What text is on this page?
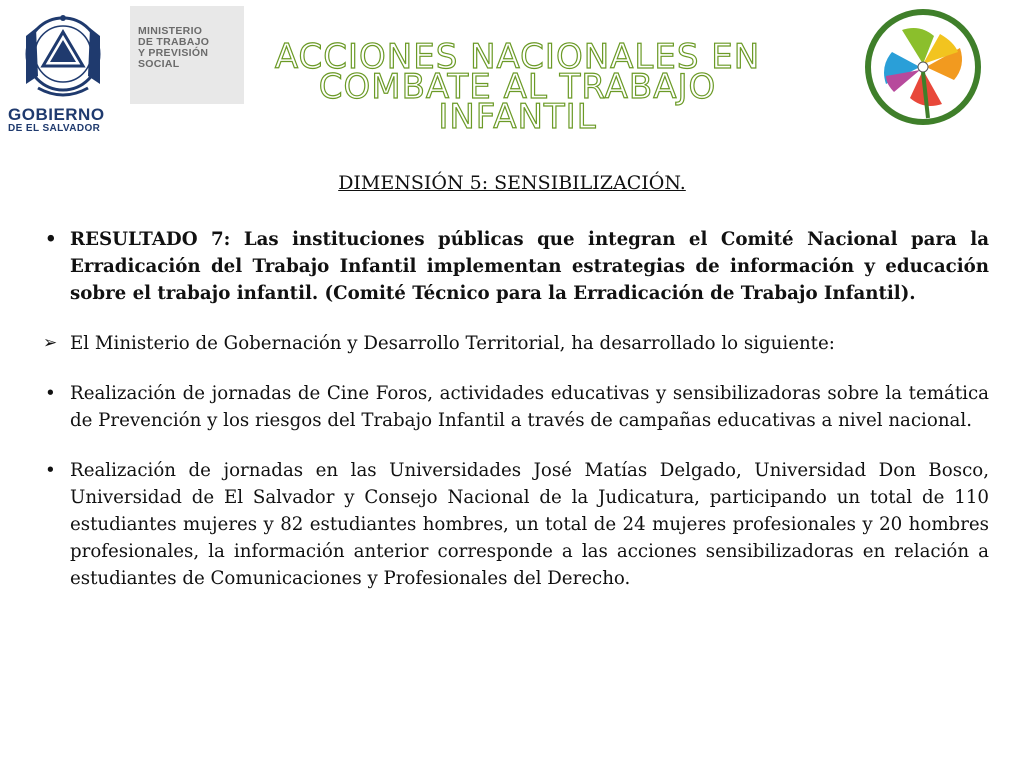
MINISTERIO
DE TRABAJO
Y PREVISIÓN
SOCIAL
GOBIERNO
DE EL SALVADOR
ACCIONES NACIONALES EN COMBATE AL TRABAJO INFANTIL
DIMENSIÓN 5: SENSIBILIZACIÓN.
• RESULTADO 7: Las instituciones públicas que integran el Comité Nacional para la Erradicación del Trabajo Infantil implementan estrategias de información y educación sobre el trabajo infantil. (Comité Técnico para la Erradicación de Trabajo Infantil).
➢ El Ministerio de Gobernación y Desarrollo Territorial, ha desarrollado lo siguiente:
• Realización de jornadas de Cine Foros, actividades educativas y sensibilizadoras sobre la temática de Prevención y los riesgos del Trabajo Infantil a través de campañas educativas a nivel nacional.
• Realización de jornadas en las Universidades José Matías Delgado, Universidad Don Bosco, Universidad de El Salvador y Consejo Nacional de la Judicatura, participando un total de 110 estudiantes mujeres y 82 estudiantes hombres, un total de 24 mujeres profesionales y 20 hombres profesionales, la información anterior corresponde a las acciones sensibilizadoras en relación a estudiantes de Comunicaciones y Profesionales del Derecho.
